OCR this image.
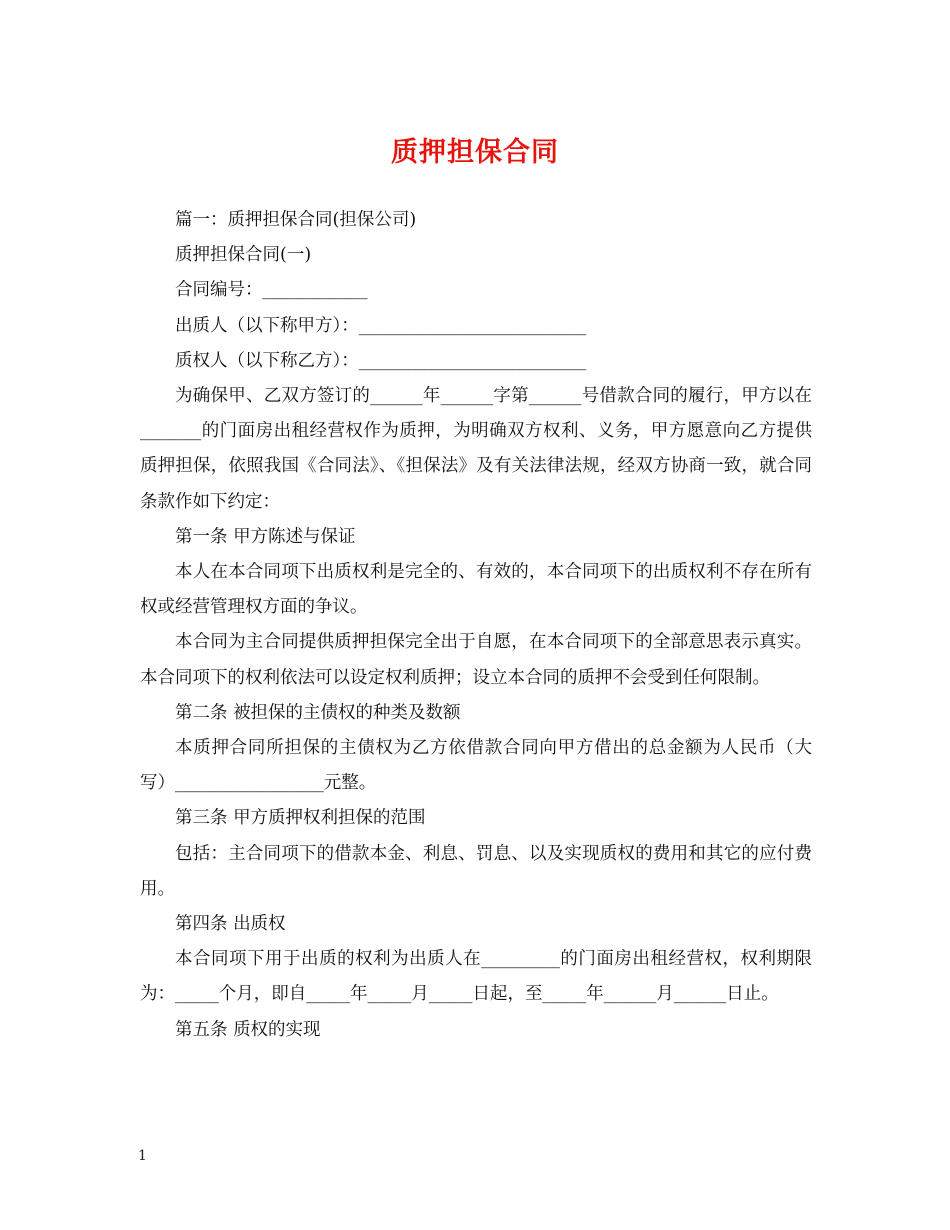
质押担保合同

篇一：质押担保合同(担保公司)

质押担保合同(一)

合同编号：____________

出质人（以下称甲方）：__________________________

质权人（以下称乙方）：__________________________

为确保甲、乙双方签订的______年______字第______号借款合同的履行，甲方以在_______的门面房出租经营权作为质押，为明确双方权利、义务，甲方愿意向乙方提供质押担保，依照我国《合同法》、《担保法》及有关法律法规，经双方协商一致，就合同条款作如下约定：

第一条 甲方陈述与保证

本人在本合同项下出质权利是完全的、有效的，本合同项下的出质权利不存在所有权或经营管理权方面的争议。

本合同为主合同提供质押担保完全出于自愿，在本合同项下的全部意思表示真实。本合同项下的权利依法可以设定权利质押；设立本合同的质押不会受到任何限制。

第二条 被担保的主债权的种类及数额

本质押合同所担保的主债权为乙方依借款合同向甲方借出的总金额为人民币（大写）_________________元整。

第三条 甲方质押权利担保的范围

包括：主合同项下的借款本金、利息、罚息、以及实现质权的费用和其它的应付费用。

第四条 出质权

本合同项下用于出质的权利为出质人在_________的门面房出租经营权，权利期限为：_____个月，即自_____年_____月_____日起，至_____年______月______日止。

第五条 质权的实现

1
